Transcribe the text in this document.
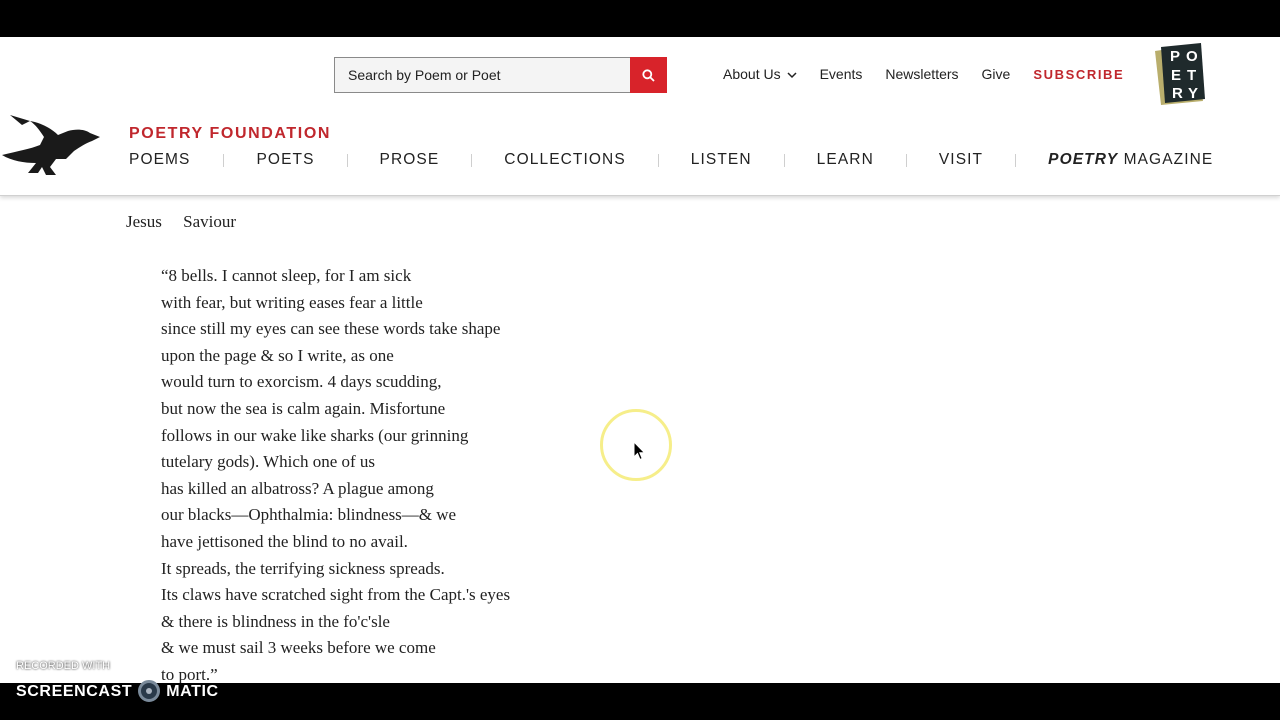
Search by Poem or Poet
About Us	Events Newsletters Give SUBSCRIBE
P O
E T
R Y
POETRY FOUNDATION
POEMS	POETS	PROSE	COLLECTIONS	LISTEN	LEARN	VISIT	POETRY MAGAZINE
Jesus Saviour
“8 bells. I cannot sleep, for I am sick
with fear, but writing eases fear a little
since still my eyes can see these words take shape
upon the page & so I write, as one
would turn to exorcism. 4 days scudding,
but now the sea is calm again. Misfortune
follows in our wake like sharks (our grinning
tutelary gods). Which one of us
has killed an albatross? A plague among
our blacks—Ophthalmia: blindness—& we
have jettisoned the blind to no avail.
It spreads, the terrifying sickness spreads.
Its claws have scratched sight from the Capt.'s eyes
& there is blindness in the fo'c'sle
& we must sail 3 weeks before we come
to port.”
RECORDED WITH
SCREENCAST MATIC
